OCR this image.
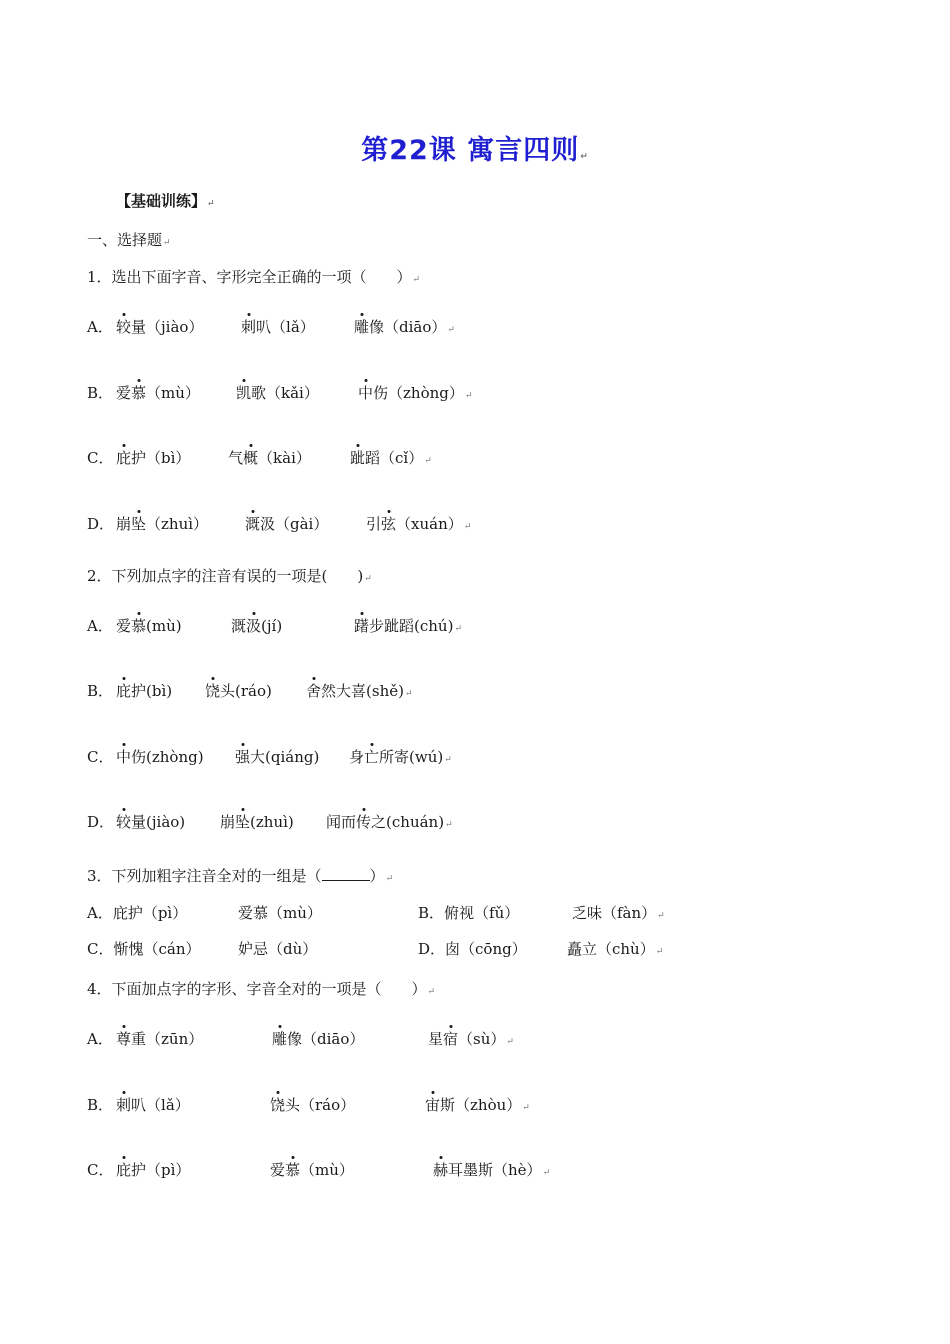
第22课 寓言四则↵
【基础训练】↵
一、选择题↵
1．选出下面字音、字形完全正确的一项（　　）↵
A． 较量（jiào）	刺叭（lǎ）	雕像（diāo）↵
B． 爱慕（mù） 凯歌（kǎi）	中伤（zhòng）↵
C． 庇护（bì）	气概（kài）	跐蹈（cǐ）↵
D． 崩坠（zhuì） 溉汲（gài）	引弦（xuán）↵
A． 爱慕(mù)	溉汲(jí)	躇步跐蹈(chú)↵
B． 庇护(bì) 饶头(ráo) 舍然大喜(shě)↵
C． 中伤(zhòng) 强大(qiáng) 身亡所寄(wú)↵
D． 较量(jiào) 崩坠(zhuì) 闻而传之(chuán)↵
A． 尊重（zūn）	雕像（diāo）	星宿（sù）↵
B． 刺叭（lǎ）	饶头（ráo）	宙斯（zhòu）↵
C． 庇护（pì）	爱慕（mù）	赫耳墨斯（hè）↵
2．下列加点字的注音有误的一项是(　　)↵
3．下列加粗字注音全对的一组是（	）↵
A．庇护（pì）	爱慕（mù）	B．俯视（fǔ）	乏味（fàn）↵
C．惭愧（cán）	妒忌（dù）	D．囱（cōng）	矗立（chù）↵
4．下面加点字的字形、字音全对的一项是（　　）↵
